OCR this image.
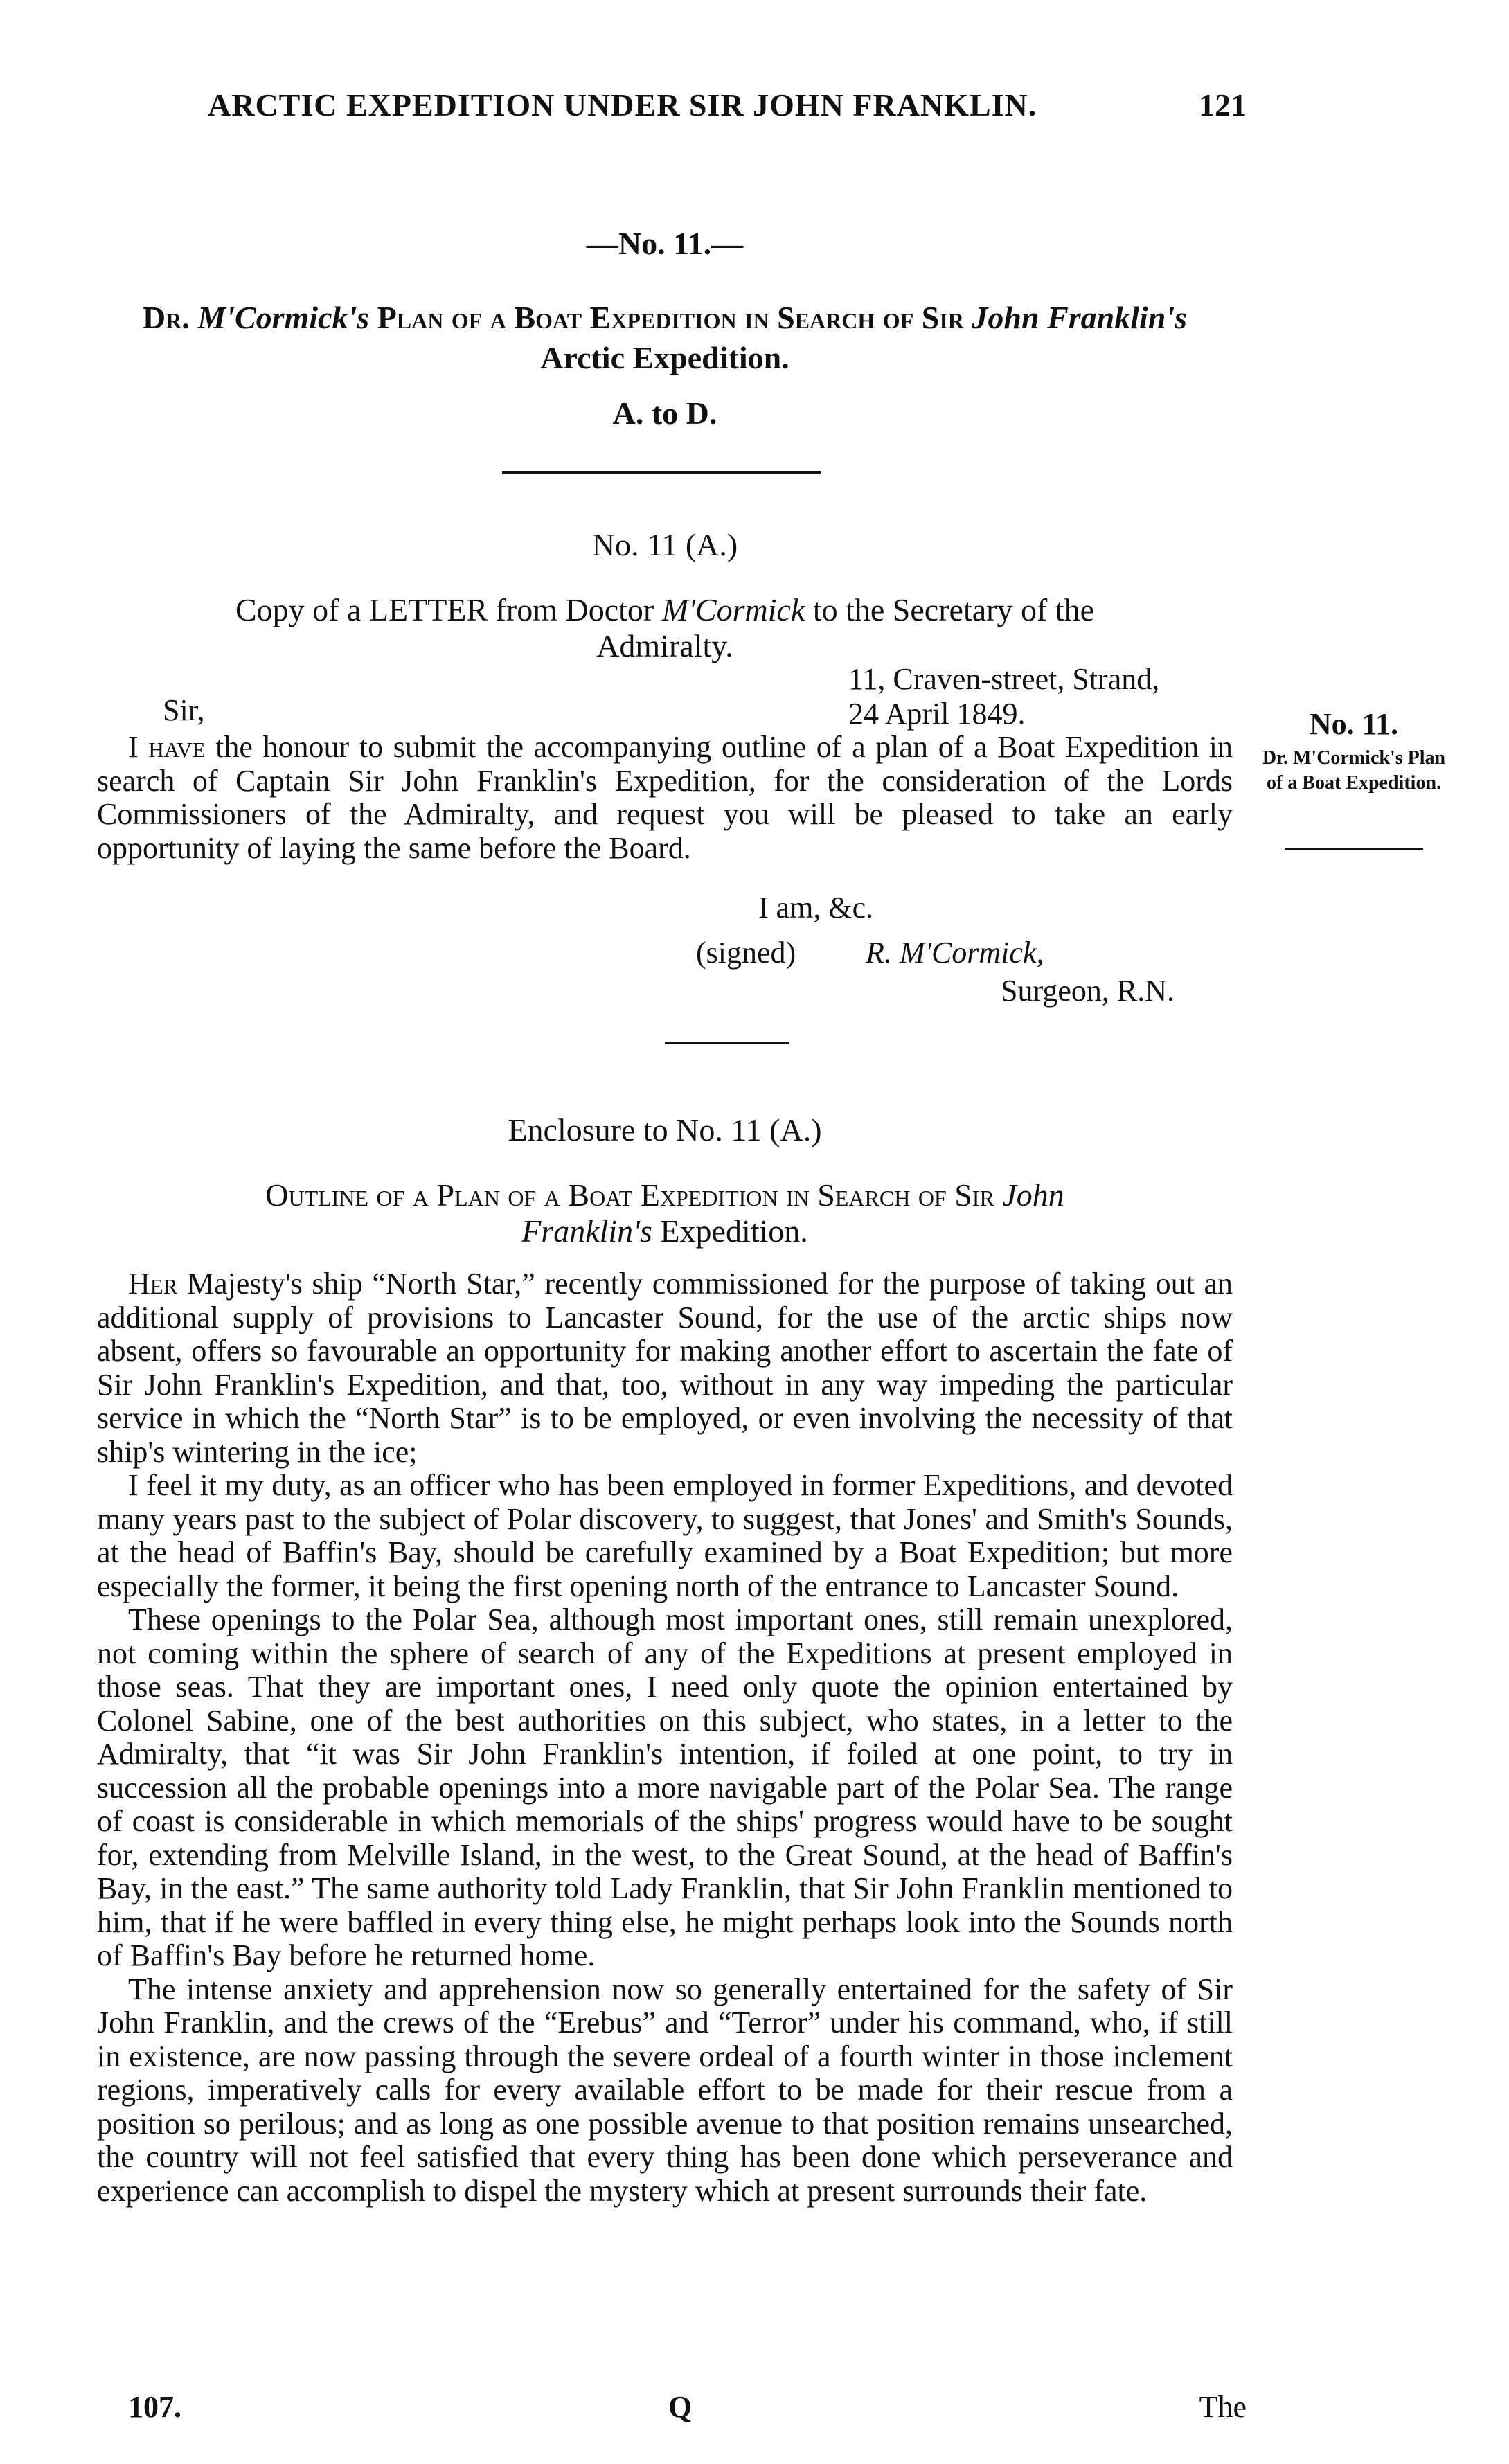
ARCTIC EXPEDITION UNDER SIR JOHN FRANKLIN.	121
—No. 11.—
Dr. M'Cormick's Plan of a Boat Expedition in Search of Sir John Franklin's
Arctic Expedition.
A. to D.
No. 11 (A.)
Copy of a LETTER from Doctor M'Cormick to the Secretary of the Admiralty.
11, Craven-street, Strand,
24 April 1849.
Sir,
I have the honour to submit the accompanying outline of a plan of a Boat Expedition in search of Captain Sir John Franklin's Expedition, for the consideration of the Lords Commissioners of the Admiralty, and request you will be pleased to take an early opportunity of laying the same before the Board.
I am, &c.
(signed) R. M'Cormick,
Surgeon, R.N.
No. 11.
Dr. M'Cormick's Plan of a Boat Expedition.
Enclosure to No. 11 (A.)
Outline of a Plan of a Boat Expedition in Search of Sir John Franklin's Expedition.
Her Majesty's ship “North Star,” recently commissioned for the purpose of taking out an additional supply of provisions to Lancaster Sound, for the use of the arctic ships now absent, offers so favourable an opportunity for making another effort to ascertain the fate of Sir John Franklin's Expedition, and that, too, without in any way impeding the particular service in which the “North Star” is to be employed, or even involving the necessity of that ship's wintering in the ice;
I feel it my duty, as an officer who has been employed in former Expeditions, and devoted many years past to the subject of Polar discovery, to suggest, that Jones' and Smith's Sounds, at the head of Baffin's Bay, should be carefully examined by a Boat Expedition; but more especially the former, it being the first opening north of the entrance to Lancaster Sound.
These openings to the Polar Sea, although most important ones, still remain unexplored, not coming within the sphere of search of any of the Expeditions at present employed in those seas. That they are important ones, I need only quote the opinion entertained by Colonel Sabine, one of the best authorities on this subject, who states, in a letter to the Admiralty, that “it was Sir John Franklin's intention, if foiled at one point, to try in succession all the probable openings into a more navigable part of the Polar Sea. The range of coast is considerable in which memorials of the ships' progress would have to be sought for, extending from Melville Island, in the west, to the Great Sound, at the head of Baffin's Bay, in the east.” The same authority told Lady Franklin, that Sir John Franklin mentioned to him, that if he were baffled in every thing else, he might perhaps look into the Sounds north of Baffin's Bay before he returned home.
The intense anxiety and apprehension now so generally entertained for the safety of Sir John Franklin, and the crews of the “Erebus” and “Terror” under his command, who, if still in existence, are now passing through the severe ordeal of a fourth winter in those inclement regions, imperatively calls for every available effort to be made for their rescue from a position so perilous; and as long as one possible avenue to that position remains unsearched, the country will not feel satisfied that every thing has been done which perseverance and experience can accomplish to dispel the mystery which at present surrounds their fate.
107.	Q	The
